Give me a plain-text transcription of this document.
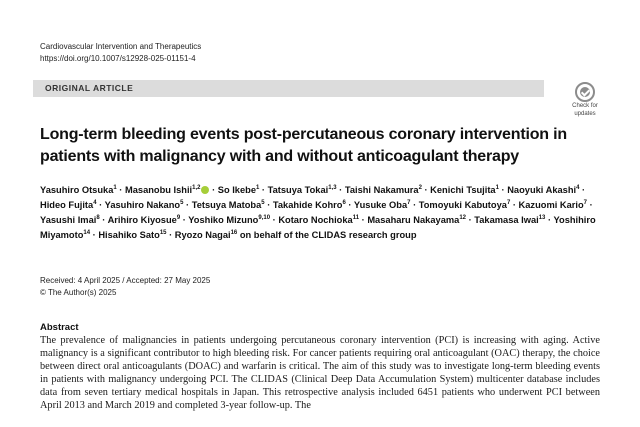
Cardiovascular Intervention and Therapeutics
https://doi.org/10.1007/s12928-025-01151-4
ORIGINAL ARTICLE
Check for
updates
Long-term bleeding events post-percutaneous coronary intervention in patients with malignancy with and without anticoagulant therapy
Yasuhiro Otsuka$^1$ · Masanobu Ishii$^{1,2}$ · So Ikebe$^1$ · Tatsuya Tokai$^{1,3}$ · Taishi Nakamura$^2$ · Kenichi Tsujita$^1$ · Naoyuki Akashi$^4$ · Hideo Fujita$^4$ · Yasuhiro Nakano$^5$ · Tetsuya Matoba$^5$ · Takahide Kohro$^6$ · Yusuke Oba$^7$ · Tomoyuki Kabutoya$^7$ · Kazuomi Kario$^7$ · Yasushi Imai$^8$ · Arihiro Kiyosue$^9$ · Yoshiko Mizuno$^{9,10}$ · Kotaro Nochioka$^{11}$ · Masaharu Nakayama$^{12}$ · Takamasa Iwai$^{13}$ · Yoshihiro Miyamoto$^{14}$ · Hisahiko Sato$^{15}$ · Ryozo Nagai$^{16}$ on behalf of the CLIDAS research group
Received: 4 April 2025 / Accepted: 27 May 2025
© The Author(s) 2025
Abstract
The prevalence of malignancies in patients undergoing percutaneous coronary intervention (PCI) is increasing with aging. Active malignancy is a significant contributor to high bleeding risk. For cancer patients requiring oral anticoagulant (OAC) therapy, the choice between direct oral anticoagulants (DOAC) and warfarin is critical. The aim of this study was to investigate long-term bleeding events in patients with malignancy undergoing PCI. The CLIDAS (Clinical Deep Data Accumulation System) multicenter database includes data from seven tertiary medical hospitals in Japan. This retrospective analysis included 6451 patients who underwent PCI between April 2013 and March 2019 and completed 3-year follow-up. The
